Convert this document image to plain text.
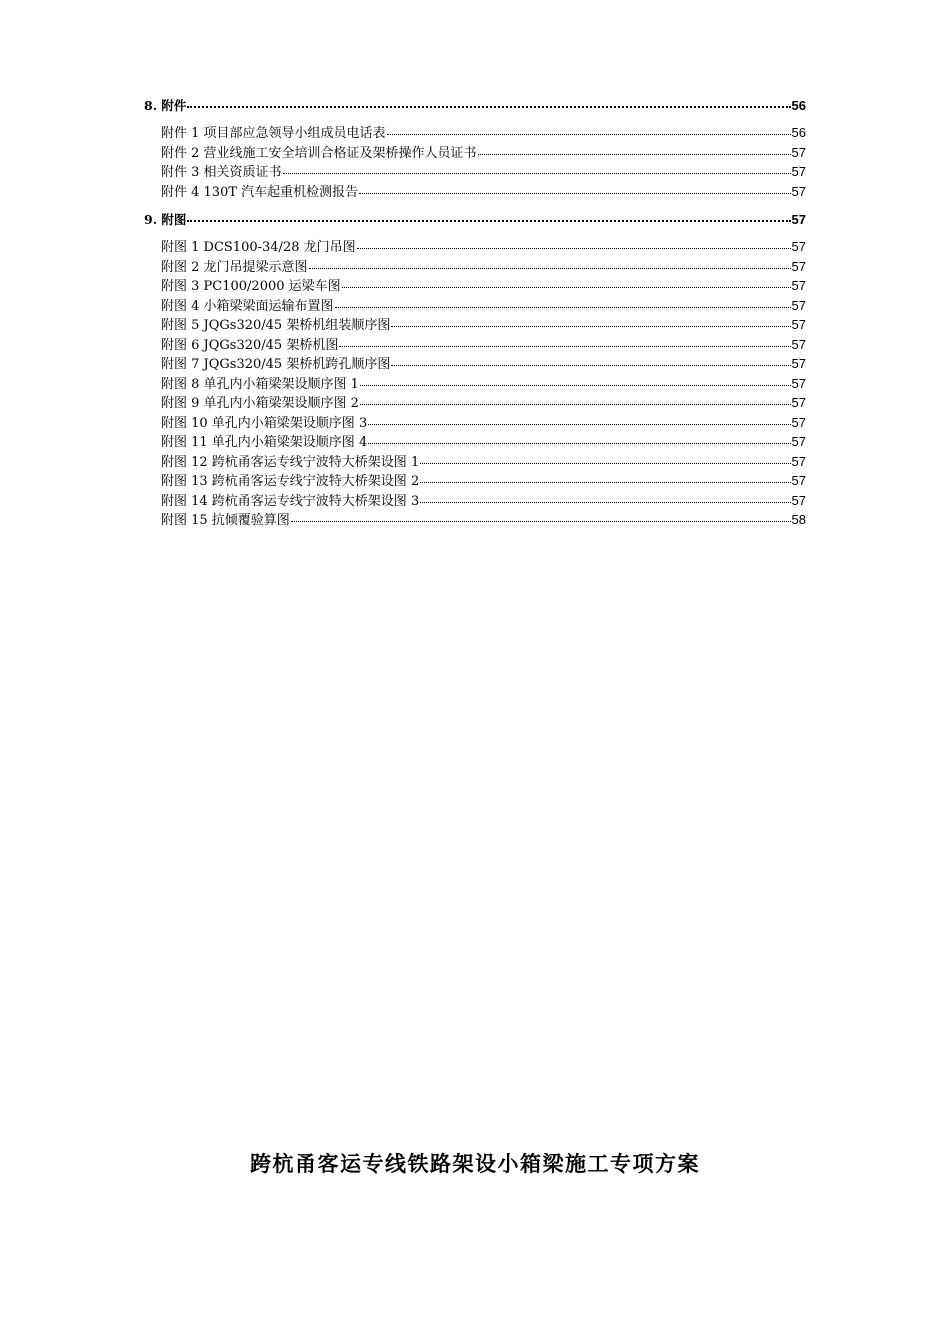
8. 附件	56
附件 1 项目部应急领导小组成员电话表	56
附件 2 营业线施工安全培训合格证及架桥操作人员证书	57
附件 3 相关资质证书	57
附件 4 130T 汽车起重机检测报告	57
9. 附图	57
附图 1 DCS100-34/28 龙门吊图	57
附图 2 龙门吊提梁示意图	57
附图 3 PC100/2000 运梁车图	57
附图 4 小箱梁梁面运输布置图	57
附图 5 JQGs320/45 架桥机组装顺序图	57
附图 6 JQGs320/45 架桥机图	57
附图 7 JQGs320/45 架桥机跨孔顺序图	57
附图 8 单孔内小箱梁架设顺序图 1	57
附图 9 单孔内小箱梁架设顺序图 2	57
附图 10 单孔内小箱梁架设顺序图 3	57
附图 11 单孔内小箱梁架设顺序图 4	57
附图 12 跨杭甬客运专线宁波特大桥架设图 1	57
附图 13 跨杭甬客运专线宁波特大桥架设图 2	57
附图 14 跨杭甬客运专线宁波特大桥架设图 3	57
附图 15 抗倾覆验算图	58
跨杭甬客运专线铁路架设小箱梁施工专项方案
